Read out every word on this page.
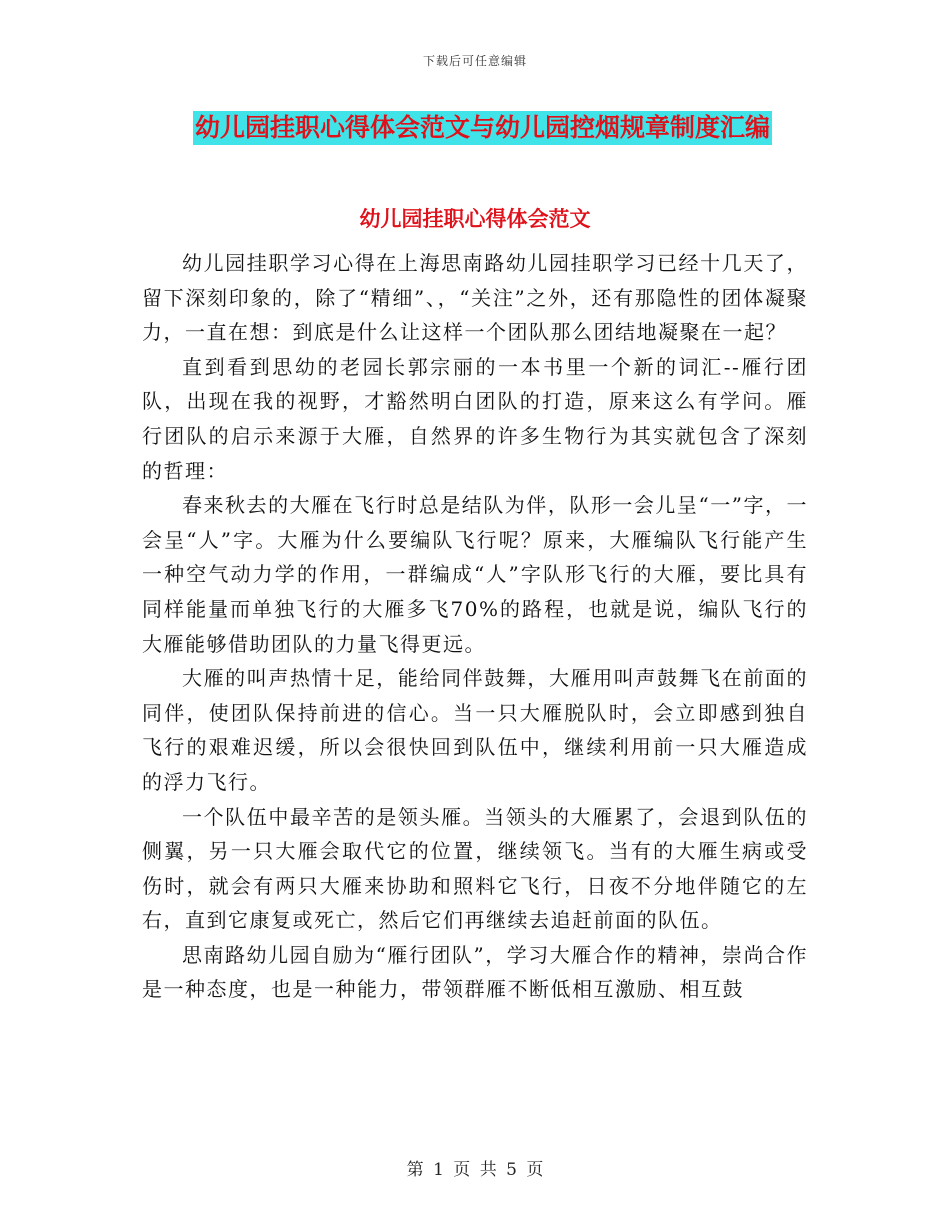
下载后可任意编辑
幼儿园挂职心得体会范文与幼儿园控烟规章制度汇编
幼儿园挂职心得体会范文

幼儿园挂职学习心得在上海思南路幼儿园挂职学习已经十几天了，留下深刻印象的，除了“精细”、，“关注”之外，还有那隐性的团体凝聚力，一直在想：到底是什么让这样一个团队那么团结地凝聚在一起？

直到看到思幼的老园长郭宗丽的一本书里一个新的词汇--雁行团队，出现在我的视野，才豁然明白团队的打造，原来这么有学问。雁行团队的启示来源于大雁，自然界的许多生物行为其实就包含了深刻的哲理：

春来秋去的大雁在飞行时总是结队为伴，队形一会儿呈“一”字，一会呈“人”字。大雁为什么要编队飞行呢？原来，大雁编队飞行能产生一种空气动力学的作用，一群编成“人”字队形飞行的大雁，要比具有同样能量而单独飞行的大雁多飞70%的路程，也就是说，编队飞行的大雁能够借助团队的力量飞得更远。

大雁的叫声热情十足，能给同伴鼓舞，大雁用叫声鼓舞飞在前面的同伴，使团队保持前进的信心。当一只大雁脱队时，会立即感到独自飞行的艰难迟缓，所以会很快回到队伍中，继续利用前一只大雁造成的浮力飞行。

一个队伍中最辛苦的是领头雁。当领头的大雁累了，会退到队伍的侧翼，另一只大雁会取代它的位置，继续领飞。当有的大雁生病或受伤时，就会有两只大雁来协助和照料它飞行，日夜不分地伴随它的左右，直到它康复或死亡，然后它们再继续去追赶前面的队伍。

思南路幼儿园自励为“雁行团队”，学习大雁合作的精神，崇尚合作是一种态度，也是一种能力，带领群雁不断低相互激励、相互鼓

第 1 页 共 5 页
